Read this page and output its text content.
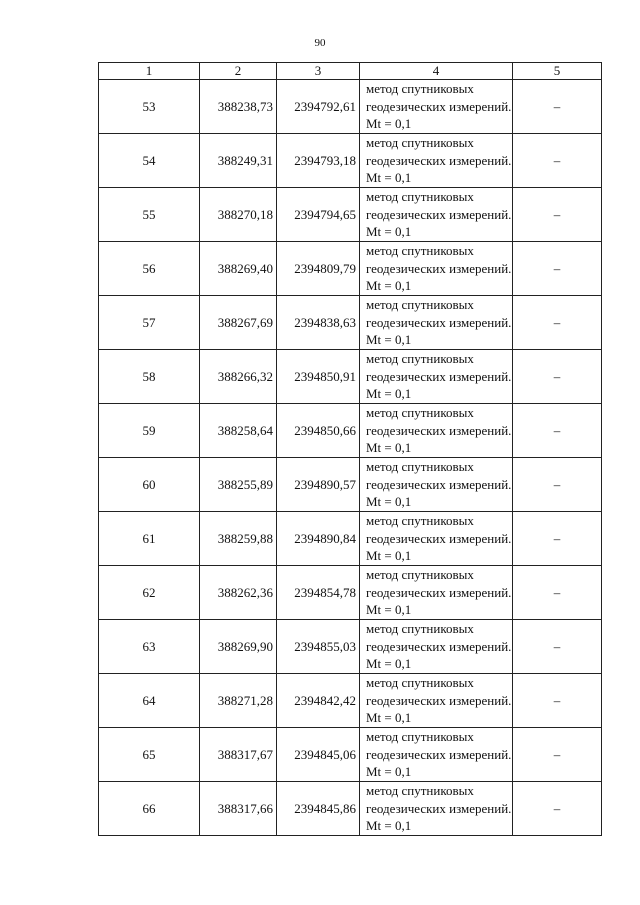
90
1	2	3	4	5
53	388238,73	2394792,61	метод спутниковых геодезических измерений. Mt = 0,1	–
54	388249,31	2394793,18	метод спутниковых геодезических измерений. Mt = 0,1	–
55	388270,18	2394794,65	метод спутниковых геодезических измерений. Mt = 0,1	–
56	388269,40	2394809,79	метод спутниковых геодезических измерений. Mt = 0,1	–
57	388267,69	2394838,63	метод спутниковых геодезических измерений. Mt = 0,1	–
58	388266,32	2394850,91	метод спутниковых геодезических измерений. Mt = 0,1	–
59	388258,64	2394850,66	метод спутниковых геодезических измерений. Mt = 0,1	–
60	388255,89	2394890,57	метод спутниковых геодезических измерений. Mt = 0,1	–
61	388259,88	2394890,84	метод спутниковых геодезических измерений. Mt = 0,1	–
62	388262,36	2394854,78	метод спутниковых геодезических измерений. Mt = 0,1	–
63	388269,90	2394855,03	метод спутниковых геодезических измерений. Mt = 0,1	–
64	388271,28	2394842,42	метод спутниковых геодезических измерений. Mt = 0,1	–
65	388317,67	2394845,06	метод спутниковых геодезических измерений. Mt = 0,1	–
66	388317,66	2394845,86	метод спутниковых геодезических измерений. Mt = 0,1	–
